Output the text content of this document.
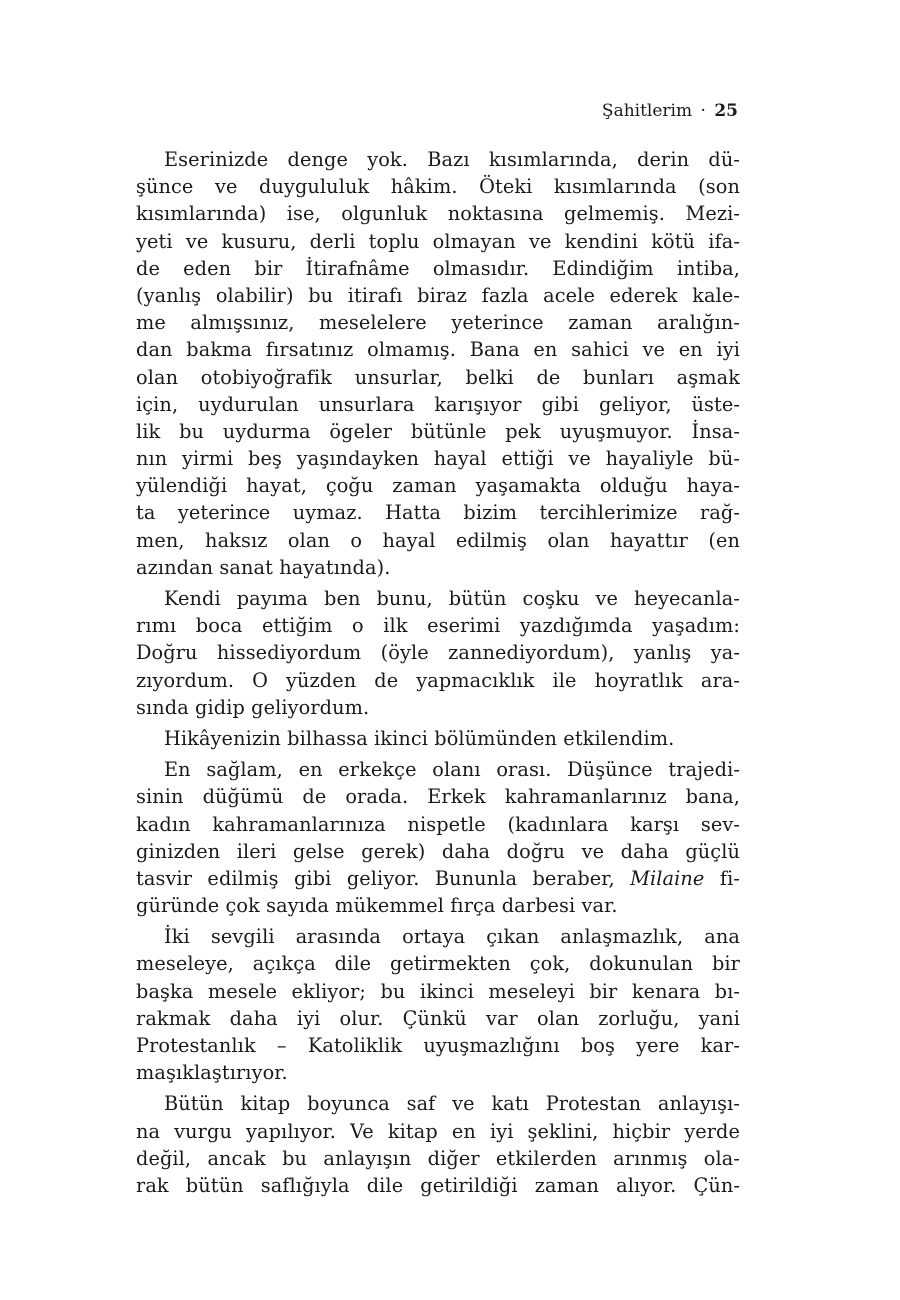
Şahitlerim · 25
Eserinizde denge yok. Bazı kısımlarında, derin dü-
şünce ve duygululuk hâkim. Öteki kısımlarında (son
kısımlarında) ise, olgunluk noktasına gelmemiş. Mezi-
yeti ve kusuru, derli toplu olmayan ve kendini kötü ifa-
de eden bir İtirafnâme olmasıdır. Edindiğim intiba,
(yanlış olabilir) bu itirafı biraz fazla acele ederek kale-
me almışsınız, meselelere yeterince zaman aralığın-
dan bakma fırsatınız olmamış. Bana en sahici ve en iyi
olan otobiyoğrafik unsurlar, belki de bunları aşmak
için, uydurulan unsurlara karışıyor gibi geliyor, üste-
lik bu uydurma ögeler bütünle pek uyuşmuyor. İnsa-
nın yirmi beş yaşındayken hayal ettiği ve hayaliyle bü-
yülendiği hayat, çoğu zaman yaşamakta olduğu haya-
ta yeterince uymaz. Hatta bizim tercihlerimize rağ-
men, haksız olan o hayal edilmiş olan hayattır (en
azından sanat hayatında).
Kendi payıma ben bunu, bütün coşku ve heyecanla-
rımı boca ettiğim o ilk eserimi yazdığımda yaşadım:
Doğru hissediyordum (öyle zannediyordum), yanlış ya-
zıyordum. O yüzden de yapmacıklık ile hoyratlık ara-
sında gidip geliyordum.
Hikâyenizin bilhassa ikinci bölümünden etkilendim.
En sağlam, en erkekçe olanı orası. Düşünce trajedi-
sinin düğümü de orada. Erkek kahramanlarınız bana,
kadın kahramanlarınıza nispetle (kadınlara karşı sev-
ginizden ileri gelse gerek) daha doğru ve daha güçlü
tasvir edilmiş gibi geliyor. Bununla beraber, Milaine fi-
güründe çok sayıda mükemmel fırça darbesi var.
İki sevgili arasında ortaya çıkan anlaşmazlık, ana
meseleye, açıkça dile getirmekten çok, dokunulan bir
başka mesele ekliyor; bu ikinci meseleyi bir kenara bı-
rakmak daha iyi olur. Çünkü var olan zorluğu, yani
Protestanlık – Katoliklik uyuşmazlığını boş yere kar-
maşıklaştırıyor.
Bütün kitap boyunca saf ve katı Protestan anlayışı-
na vurgu yapılıyor. Ve kitap en iyi şeklini, hiçbir yerde
değil, ancak bu anlayışın diğer etkilerden arınmış ola-
rak bütün saflığıyla dile getirildiği zaman alıyor. Çün-
